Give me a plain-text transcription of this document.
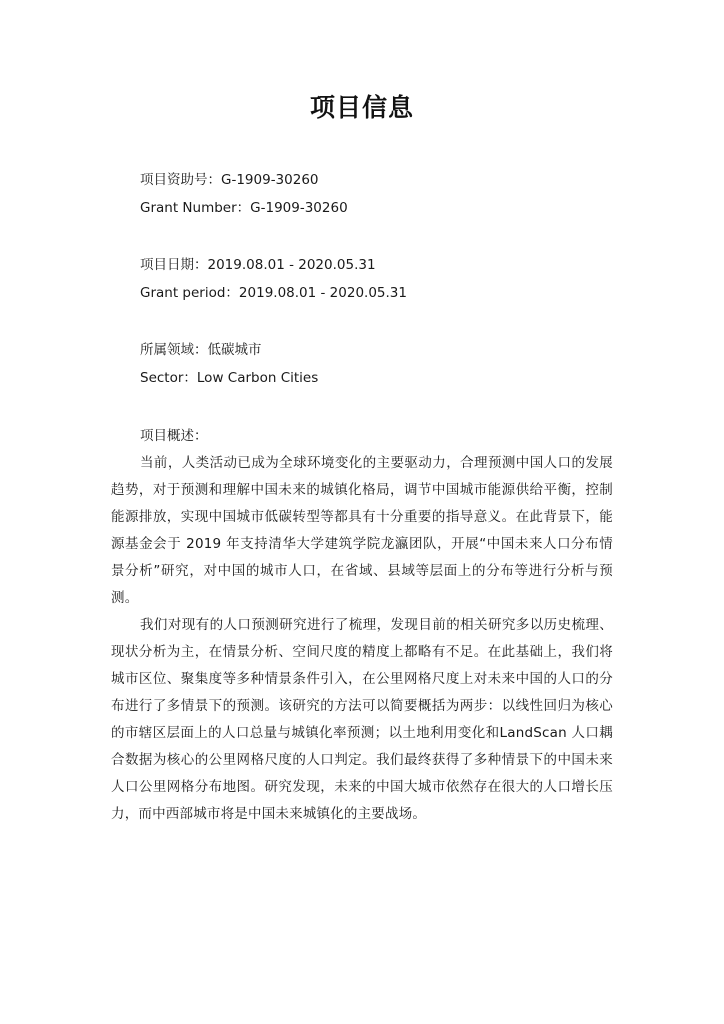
项目信息
项目资助号：G-1909-30260
Grant Number：G-1909-30260
项目日期：2019.08.01 - 2020.05.31
Grant period：2019.08.01 - 2020.05.31
所属领域：低碳城市
Sector：Low Carbon Cities
项目概述：

当前，人类活动已成为全球环境变化的主要驱动力，合理预测中国人口的发展趋势，对于预测和理解中国未来的城镇化格局，调节中国城市能源供给平衡，控制能源排放，实现中国城市低碳转型等都具有十分重要的指导意义。在此背景下，能源基金会于 2019 年支持清华大学建筑学院龙瀛团队，开展“中国未来人口分布情景分析”研究，对中国的城市人口，在省域、县域等层面上的分布等进行分析与预测。

我们对现有的人口预测研究进行了梳理，发现目前的相关研究多以历史梳理、现状分析为主，在情景分析、空间尺度的精度上都略有不足。在此基础上，我们将城市区位、聚集度等多种情景条件引入，在公里网格尺度上对未来中国的人口的分布进行了多情景下的预测。该研究的方法可以简要概括为两步：以线性回归为核心的市辖区层面上的人口总量与城镇化率预测；以土地利用变化和LandScan 人口耦合数据为核心的公里网格尺度的人口判定。我们最终获得了多种情景下的中国未来人口公里网格分布地图。研究发现，未来的中国大城市依然存在很大的人口增长压力，而中西部城市将是中国未来城镇化的主要战场。
